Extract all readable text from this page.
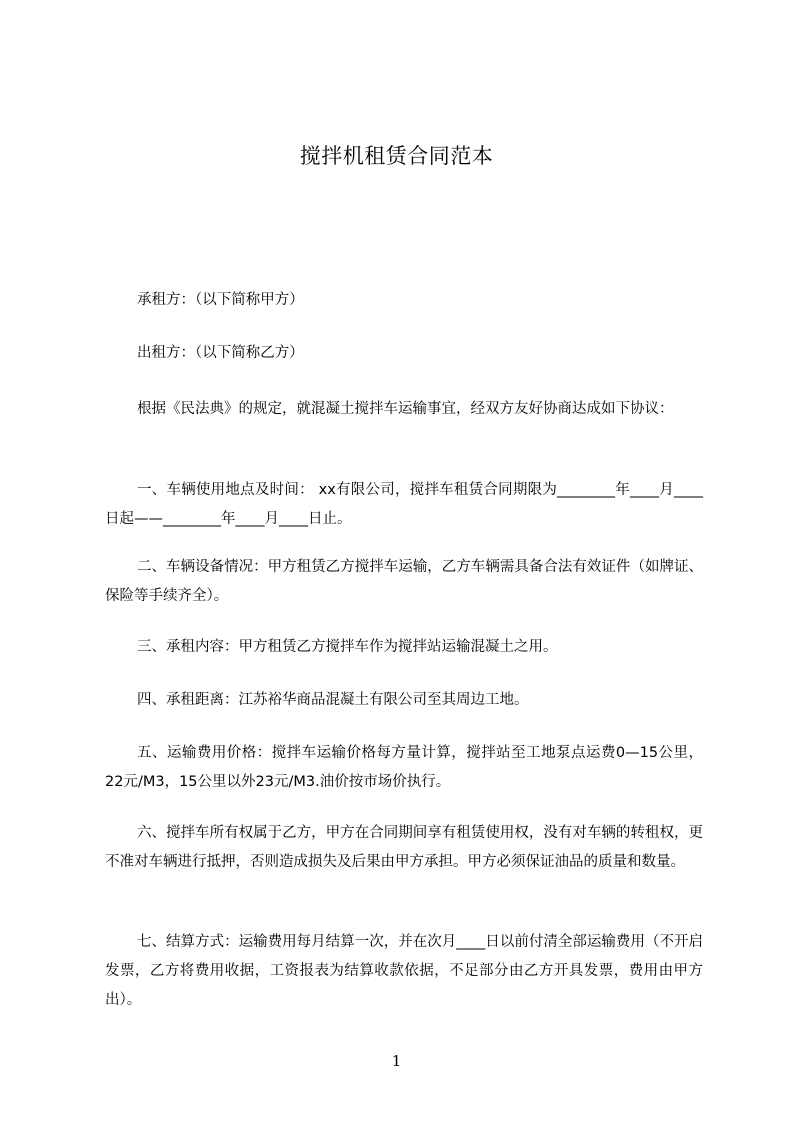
搅拌机租赁合同范本

承租方：（以下简称甲方）

出租方：（以下简称乙方）

根据《民法典》的规定，就混凝土搅拌车运输事宜，经双方友好协商达成如下协议：

一、车辆使用地点及时间： xx有限公司，搅拌车租赁合同期限为________年____月____日起——________年____月____日止。

二、车辆设备情况：甲方租赁乙方搅拌车运输，乙方车辆需具备合法有效证件（如牌证、保险等手续齐全）。

三、承租内容：甲方租赁乙方搅拌车作为搅拌站运输混凝土之用。

四、承租距离：江苏裕华商品混凝土有限公司至其周边工地。

五、运输费用价格：搅拌车运输价格每方量计算，搅拌站至工地泵点运费0—15公里，22元/M3，15公里以外23元/M3.油价按市场价执行。

六、搅拌车所有权属于乙方，甲方在合同期间享有租赁使用权，没有对车辆的转租权，更不准对车辆进行抵押，否则造成损失及后果由甲方承担。甲方必须保证油品的质量和数量。

七、结算方式：运输费用每月结算一次，并在次月____日以前付清全部运输费用（不开启发票，乙方将费用收据，工资报表为结算收款依据，不足部分由乙方开具发票，费用由甲方出）。

1
